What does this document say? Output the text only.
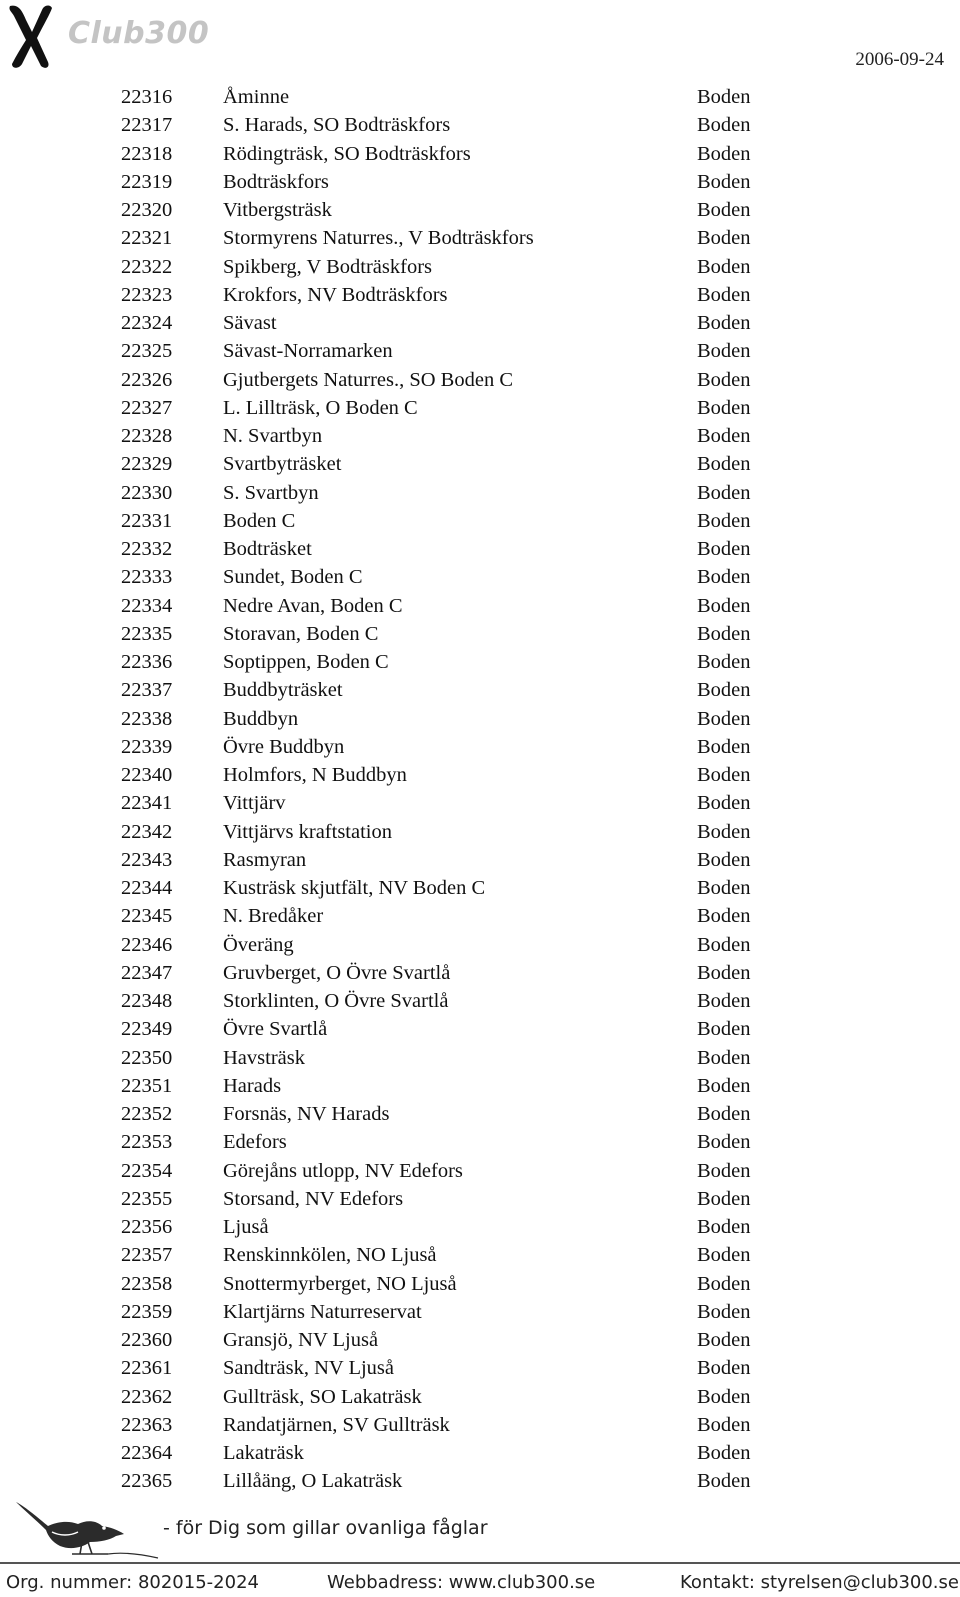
Club300
2006-09-24
22316 Åminne	Boden
22317 S. Harads, SO Bodträskfors	Boden
22318 Rödingträsk, SO Bodträskfors	Boden
22319 Bodträskfors	Boden
22320 Vitbergsträsk	Boden
22321 Stormyrens Naturres., V Bodträskfors	Boden
22322 Spikberg, V Bodträskfors	Boden
22323 Krokfors, NV Bodträskfors	Boden
22324 Sävast	Boden
22325 Sävast-Norramarken	Boden
22326 Gjutbergets Naturres., SO Boden C	Boden
22327 L. Lillträsk, O Boden C	Boden
22328 N. Svartbyn	Boden
22329 Svartbyträsket	Boden
22330 S. Svartbyn	Boden
22331 Boden C	Boden
22332 Bodträsket	Boden
22333 Sundet, Boden C	Boden
22334 Nedre Avan, Boden C	Boden
22335 Storavan, Boden C	Boden
22336 Soptippen, Boden C	Boden
22337 Buddbyträsket	Boden
22338 Buddbyn	Boden
22339 Övre Buddbyn	Boden
22340 Holmfors, N Buddbyn	Boden
22341 Vittjärv	Boden
22342 Vittjärvs kraftstation	Boden
22343 Rasmyran	Boden
22344 Kusträsk skjutfält, NV Boden C	Boden
22345 N. Bredåker	Boden
22346 Överäng	Boden
22347 Gruvberget, O Övre Svartlå	Boden
22348 Storklinten, O Övre Svartlå	Boden
22349 Övre Svartlå	Boden
22350 Havsträsk	Boden
22351 Harads	Boden
22352 Forsnäs, NV Harads	Boden
22353 Edefors	Boden
22354 Görejåns utlopp, NV Edefors	Boden
22355 Storsand, NV Edefors	Boden
22356 Ljuså	Boden
22357 Renskinnkölen, NO Ljuså	Boden
22358 Snottermyrberget, NO Ljuså	Boden
22359 Klartjärns Naturreservat	Boden
22360 Gransjö, NV Ljuså	Boden
22361 Sandträsk, NV Ljuså	Boden
22362 Gullträsk, SO Lakaträsk	Boden
22363 Randatjärnen, SV Gullträsk	Boden
22364 Lakaträsk	Boden
22365 Lillåäng, O Lakaträsk	Boden
- för Dig som gillar ovanliga fåglar
Org. nummer: 802015-2024	Webbadress: www.club300.se	Kontakt: styrelsen@club300.se
